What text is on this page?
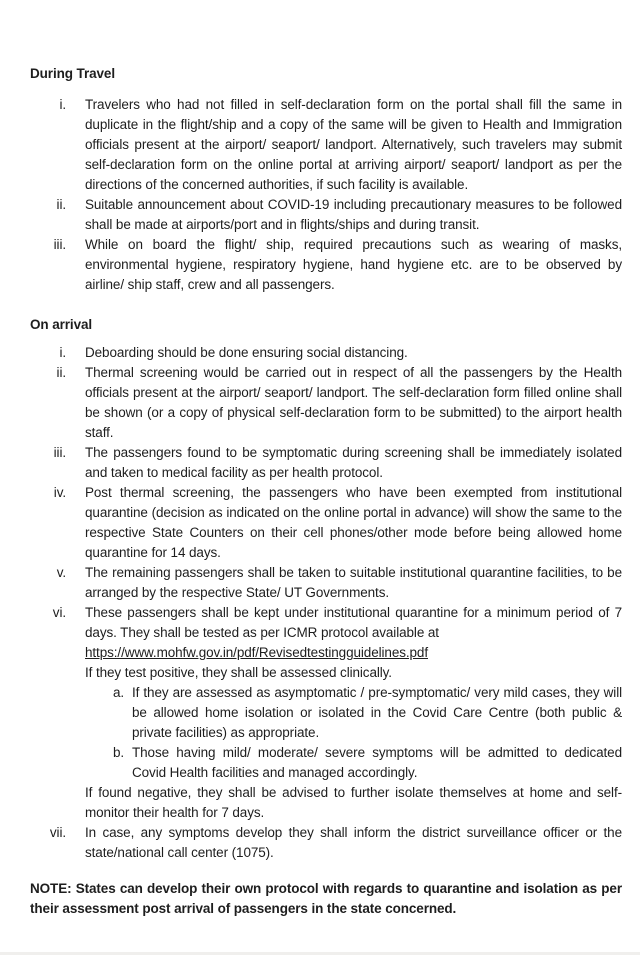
During Travel

i. Travelers who had not filled in self-declaration form on the portal shall fill the same in duplicate in the flight/ship and a copy of the same will be given to Health and Immigration officials present at the airport/ seaport/ landport. Alternatively, such travelers may submit self-declaration form on the online portal at arriving airport/ seaport/ landport as per the directions of the concerned authorities, if such facility is available.

ii. Suitable announcement about COVID-19 including precautionary measures to be followed shall be made at airports/port and in flights/ships and during transit.

iii. While on board the flight/ ship, required precautions such as wearing of masks, environmental hygiene, respiratory hygiene, hand hygiene etc. are to be observed by airline/ ship staff, crew and all passengers.

On arrival

i. Deboarding should be done ensuring social distancing.

ii. Thermal screening would be carried out in respect of all the passengers by the Health officials present at the airport/ seaport/ landport. The self-declaration form filled online shall be shown (or a copy of physical self-declaration form to be submitted) to the airport health staff.

iii. The passengers found to be symptomatic during screening shall be immediately isolated and taken to medical facility as per health protocol.

iv. Post thermal screening, the passengers who have been exempted from institutional quarantine (decision as indicated on the online portal in advance) will show the same to the respective State Counters on their cell phones/other mode before being allowed home quarantine for 14 days.

v. The remaining passengers shall be taken to suitable institutional quarantine facilities, to be arranged by the respective State/ UT Governments.

vi. These passengers shall be kept under institutional quarantine for a minimum period of 7 days. They shall be tested as per ICMR protocol available at

https://www.mohfw.gov.in/pdf/Revisedtestingguidelines.pdf

If they test positive, they shall be assessed clinically.

a. If they are assessed as asymptomatic / pre-symptomatic/ very mild cases, they will be allowed home isolation or isolated in the Covid Care Centre (both public & private facilities) as appropriate.

b. Those having mild/ moderate/ severe symptoms will be admitted to dedicated Covid Health facilities and managed accordingly.

If found negative, they shall be advised to further isolate themselves at home and self-monitor their health for 7 days.

vii. In case, any symptoms develop they shall inform the district surveillance officer or the state/national call center (1075).

NOTE: States can develop their own protocol with regards to quarantine and isolation as per their assessment post arrival of passengers in the state concerned.
